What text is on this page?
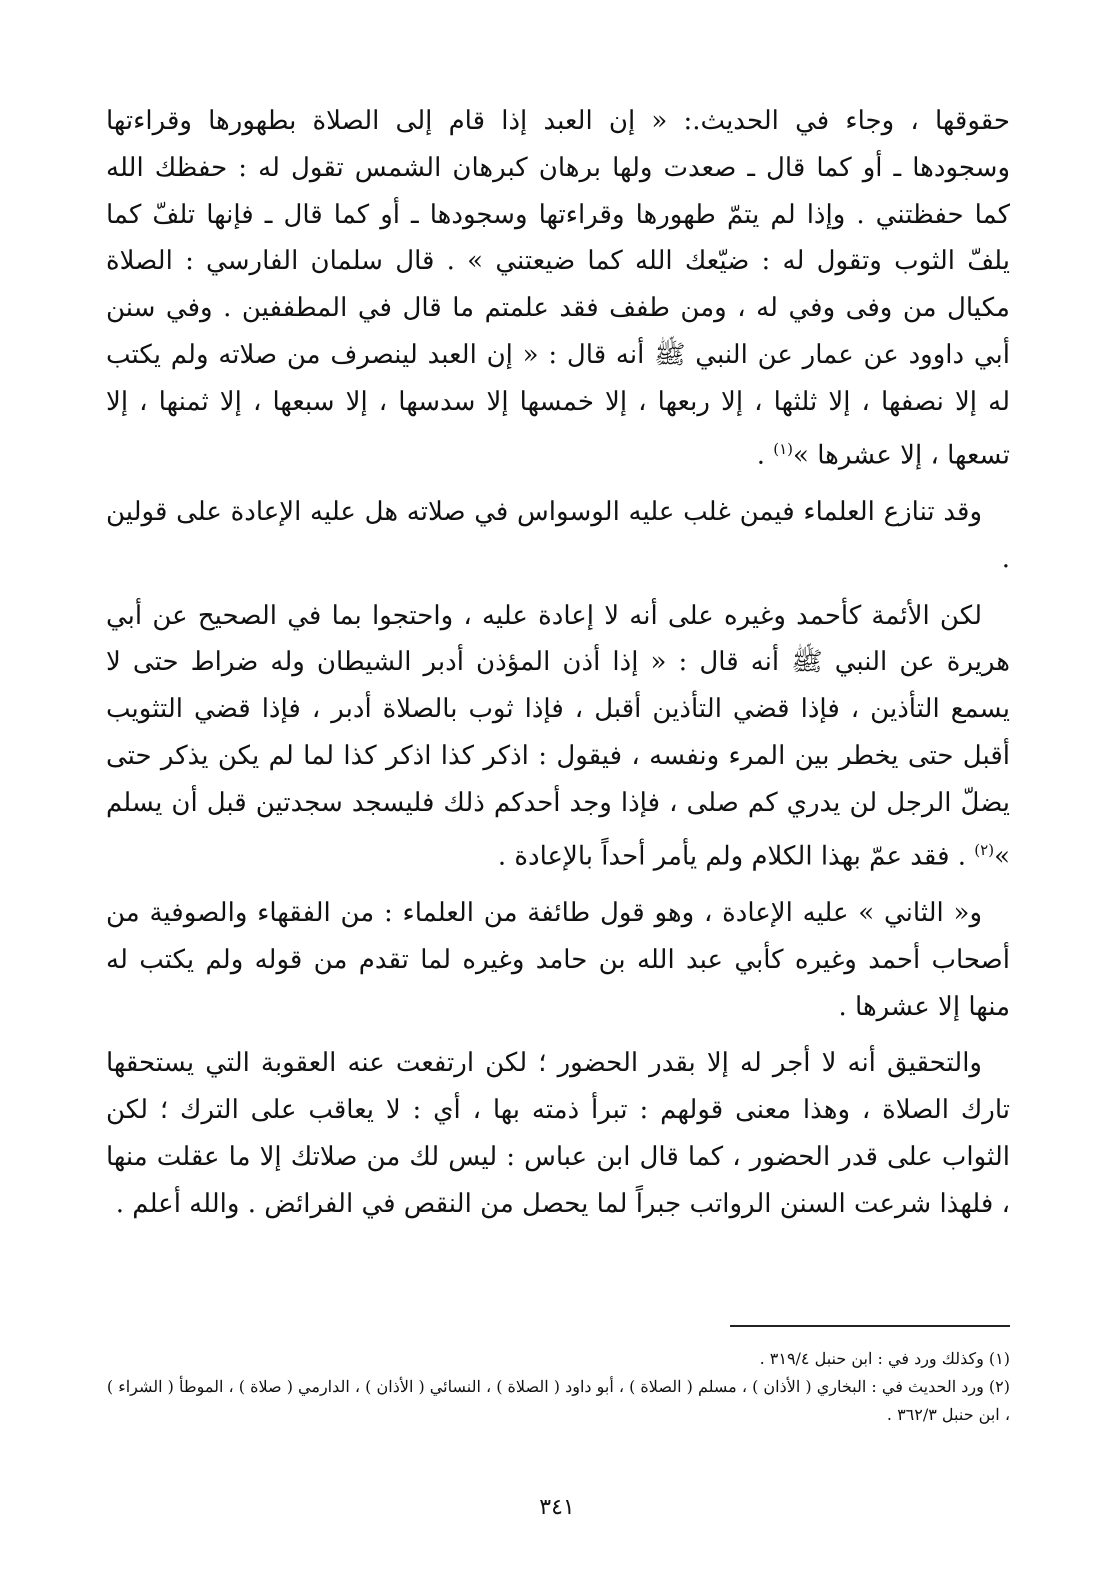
حقوقها ، وجاء في الحديث.: « إن العبد إذا قام إلى الصلاة بطهورها وقراءتها وسجودها ـ أو كما قال ـ صعدت ولها برهان كبرهان الشمس تقول له : حفظك الله كما حفظتني . وإذا لم يتمّ طهورها وقراءتها وسجودها ـ أو كما قال ـ فإنها تلفّ كما يلفّ الثوب وتقول له : ضيّعك الله كما ضيعتني » . قال سلمان الفارسي : الصلاة مكيال من وفى وفي له ، ومن طفف فقد علمتم ما قال في المطففين . وفي سنن أبي داوود عن عمار عن النبي ﷺ أنه قال : « إن العبد لينصرف من صلاته ولم يكتب له إلا نصفها ، إلا ثلثها ، إلا ربعها ، إلا خمسها إلا سدسها ، إلا سبعها ، إلا ثمنها ، إلا تسعها ، إلا عشرها »$^{(١)}$ .

وقد تنازع العلماء فيمن غلب عليه الوسواس في صلاته هل عليه الإعادة على قولين .

لكن الأئمة كأحمد وغيره على أنه لا إعادة عليه ، واحتجوا بما في الصحيح عن أبي هريرة عن النبي ﷺ أنه قال : « إذا أذن المؤذن أدبر الشيطان وله ضراط حتى لا يسمع التأذين ، فإذا قضي التأذين أقبل ، فإذا ثوب بالصلاة أدبر ، فإذا قضي التثويب أقبل حتى يخطر بين المرء ونفسه ، فيقول : اذكر كذا اذكر كذا لما لم يكن يذكر حتى يضلّ الرجل لن يدري كم صلى ، فإذا وجد أحدكم ذلك فليسجد سجدتين قبل أن يسلم »$^{(٢)}$ . فقد عمّ بهذا الكلام ولم يأمر أحداً بالإعادة .

و« الثاني » عليه الإعادة ، وهو قول طائفة من العلماء : من الفقهاء والصوفية من أصحاب أحمد وغيره كأبي عبد الله بن حامد وغيره لما تقدم من قوله ولم يكتب له منها إلا عشرها .

والتحقيق أنه لا أجر له إلا بقدر الحضور ؛ لكن ارتفعت عنه العقوبة التي يستحقها تارك الصلاة ، وهذا معنى قولهم : تبرأ ذمته بها ، أي : لا يعاقب على الترك ؛ لكن الثواب على قدر الحضور ، كما قال ابن عباس : ليس لك من صلاتك إلا ما عقلت منها ، فلهذا شرعت السنن الرواتب جبراً لما يحصل من النقص في الفرائض . والله أعلم .

(١) وكذلك ورد في : ابن حنبل ٣١٩/٤ .

(٢) ورد الحديث في : البخاري ( الأذان ) ، مسلم ( الصلاة ) ، أبو داود ( الصلاة ) ، النسائي ( الأذان ) ، الدارمي ( صلاة ) ، الموطأ ( الشراء ) ، ابن حنبل ٣٦٢/٣ .

٣٤١
